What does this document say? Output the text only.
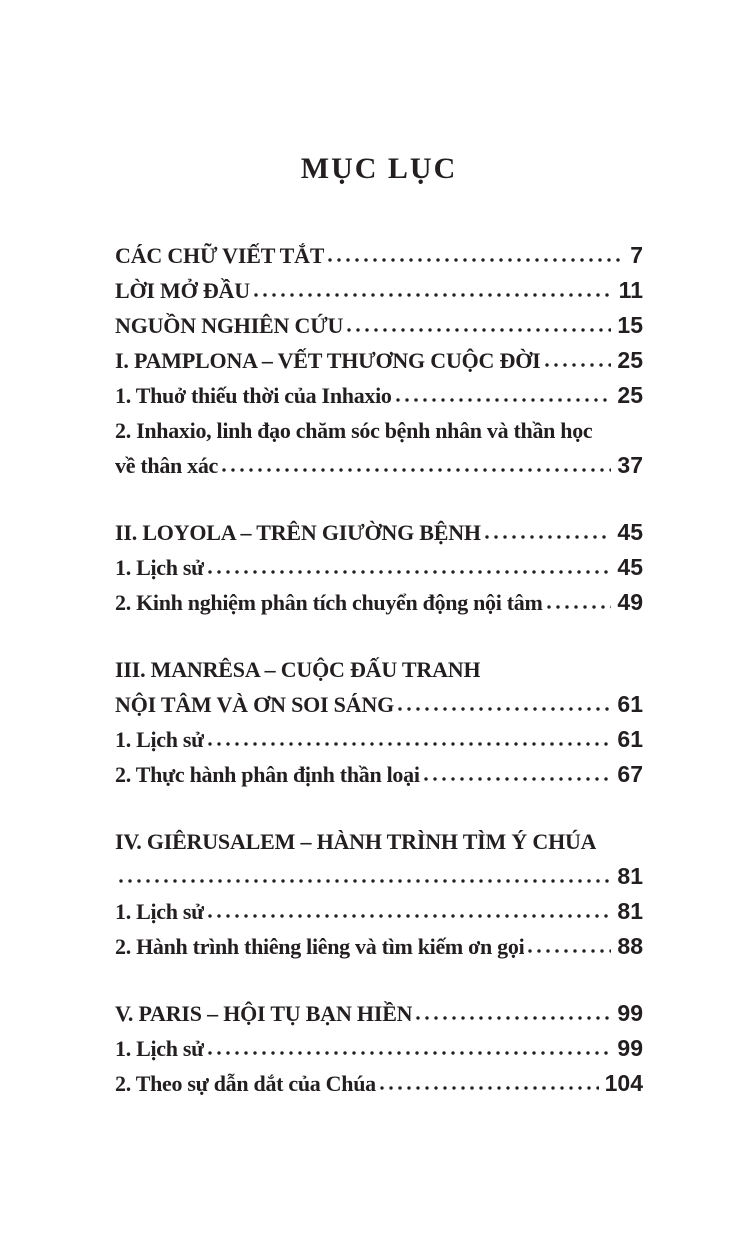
MỤC LỤC
CÁC CHỮ VIẾT TẮT	7
LỜI MỞ ĐẦU	11
NGUỒN NGHIÊN CỨU	15
I. PAMPLONA – VẾT THƯƠNG CUỘC ĐỜI	25
1. Thuở thiếu thời của Inhaxio	25
2. Inhaxio, linh đạo chăm sóc bệnh nhân và thần học
về thân xác	37
II. LOYOLA – TRÊN GIƯỜNG BỆNH	45
1. Lịch sử	45
2. Kinh nghiệm phân tích chuyển động nội tâm	49
III. MANRÊSA – CUỘC ĐẤU TRANH
NỘI TÂM VÀ ƠN SOI SÁNG	61
1. Lịch sử	61
2. Thực hành phân định thần loại	67
IV. GIÊRUSALEM – HÀNH TRÌNH TÌM Ý CHÚA
81
1. Lịch sử	81
2. Hành trình thiêng liêng và tìm kiếm ơn gọi	88
V. PARIS – HỘI TỤ BẠN HIỀN	99
1. Lịch sử	99
2. Theo sự dẫn dắt của Chúa	104
